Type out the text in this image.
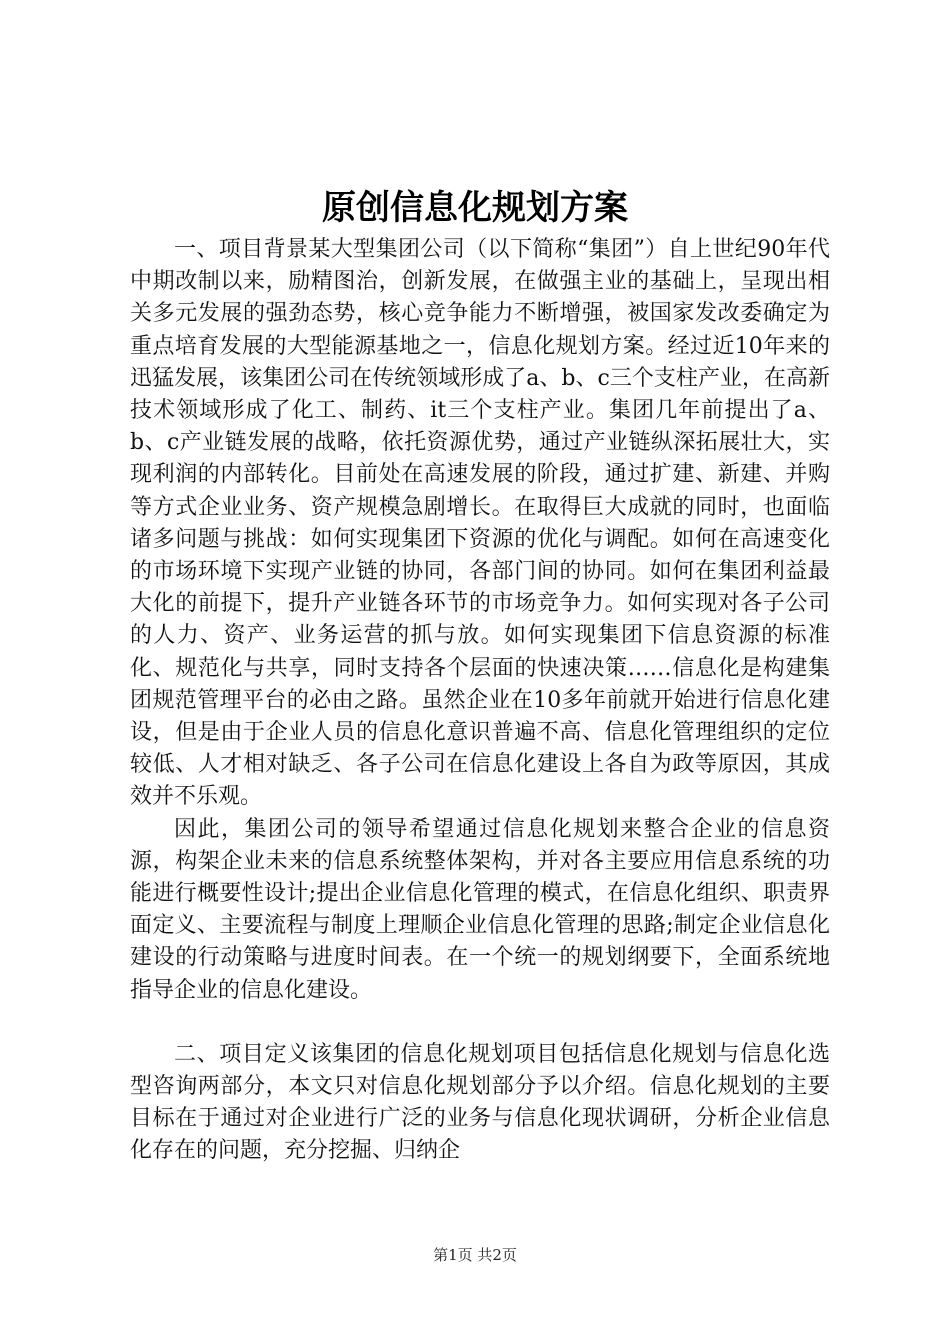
原创信息化规划方案

一、项目背景某大型集团公司（以下简称“集团”）自上世纪90年代中期改制以来，励精图治，创新发展，在做强主业的基础上，呈现出相关多元发展的强劲态势，核心竞争能力不断增强，被国家发改委确定为重点培育发展的大型能源基地之一，信息化规划方案。经过近10年来的迅猛发展，该集团公司在传统领域形成了a、b、c三个支柱产业，在高新技术领域形成了化工、制药、it三个支柱产业。集团几年前提出了a、b、c产业链发展的战略，依托资源优势，通过产业链纵深拓展壮大，实现利润的内部转化。目前处在高速发展的阶段，通过扩建、新建、并购等方式企业业务、资产规模急剧增长。在取得巨大成就的同时，也面临诸多问题与挑战：如何实现集团下资源的优化与调配。如何在高速变化的市场环境下实现产业链的协同，各部门间的协同。如何在集团利益最大化的前提下，提升产业链各环节的市场竞争力。如何实现对各子公司的人力、资产、业务运营的抓与放。如何实现集团下信息资源的标准化、规范化与共享，同时支持各个层面的快速决策……信息化是构建集团规范管理平台的必由之路。虽然企业在10多年前就开始进行信息化建设，但是由于企业人员的信息化意识普遍不高、信息化管理组织的定位较低、人才相对缺乏、各子公司在信息化建设上各自为政等原因，其成效并不乐观。

因此，集团公司的领导希望通过信息化规划来整合企业的信息资源，构架企业未来的信息系统整体架构，并对各主要应用信息系统的功能进行概要性设计;提出企业信息化管理的模式，在信息化组织、职责界面定义、主要流程与制度上理顺企业信息化管理的思路;制定企业信息化建设的行动策略与进度时间表。在一个统一的规划纲要下，全面系统地指导企业的信息化建设。

二、项目定义该集团的信息化规划项目包括信息化规划与信息化选型咨询两部分，本文只对信息化规划部分予以介绍。信息化规划的主要目标在于通过对企业进行广泛的业务与信息化现状调研，分析企业信息化存在的问题，充分挖掘、归纳企

第1页 共2页
